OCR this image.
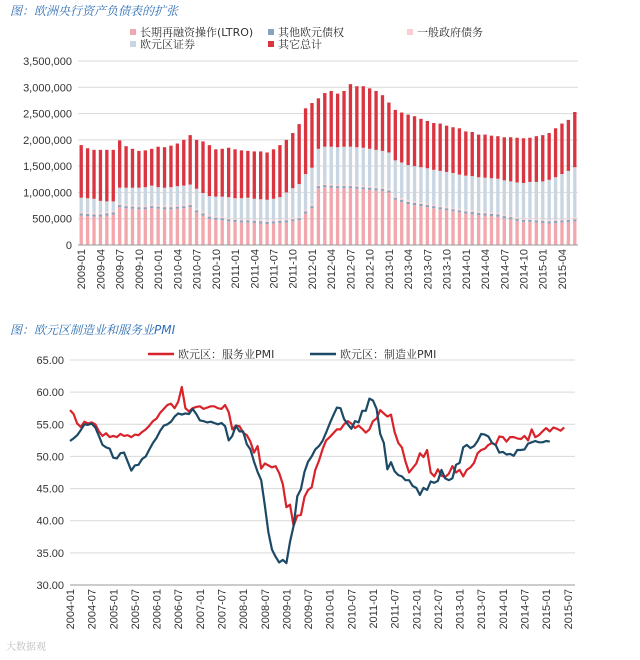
图：欧洲央行资产负债表的扩张
长期再融资操作(LTRO) 其他欧元债权	一般政府债务
欧元区证券	其它总计
0
500,000
1,000,000
1,500,000
2,000,000
2,500,000
3,000,000
3,500,000
2009-01 2009-04 2009-07 2009-10 2010-01 2010-04 2010-07 2010-10 2011-01 2011-04 2011-07 2011-10 2012-01 2012-04 2012-07 2012-10 2013-01 2013-04 2013-07 2013-10 2014-01 2014-04 2014-07 2014-10 2015-01 2015-04
图：欧元区制造业和服务业PMI
30.00
35.00
40.00
45.00
50.00
55.00
60.00
65.00	欧元区：服务业PMI	欧元区：制造业PMI
2004-01 2004-07 2005-01 2005-07 2006-01 2006-07 2007-01 2007-07 2008-01 2008-07 2009-01 2009-07 2010-01 2010-07 2011-01 2011-07 2012-01 2012-07 2013-01 2013-07 2014-01 2014-07 2015-01 2015-07
大数据观
